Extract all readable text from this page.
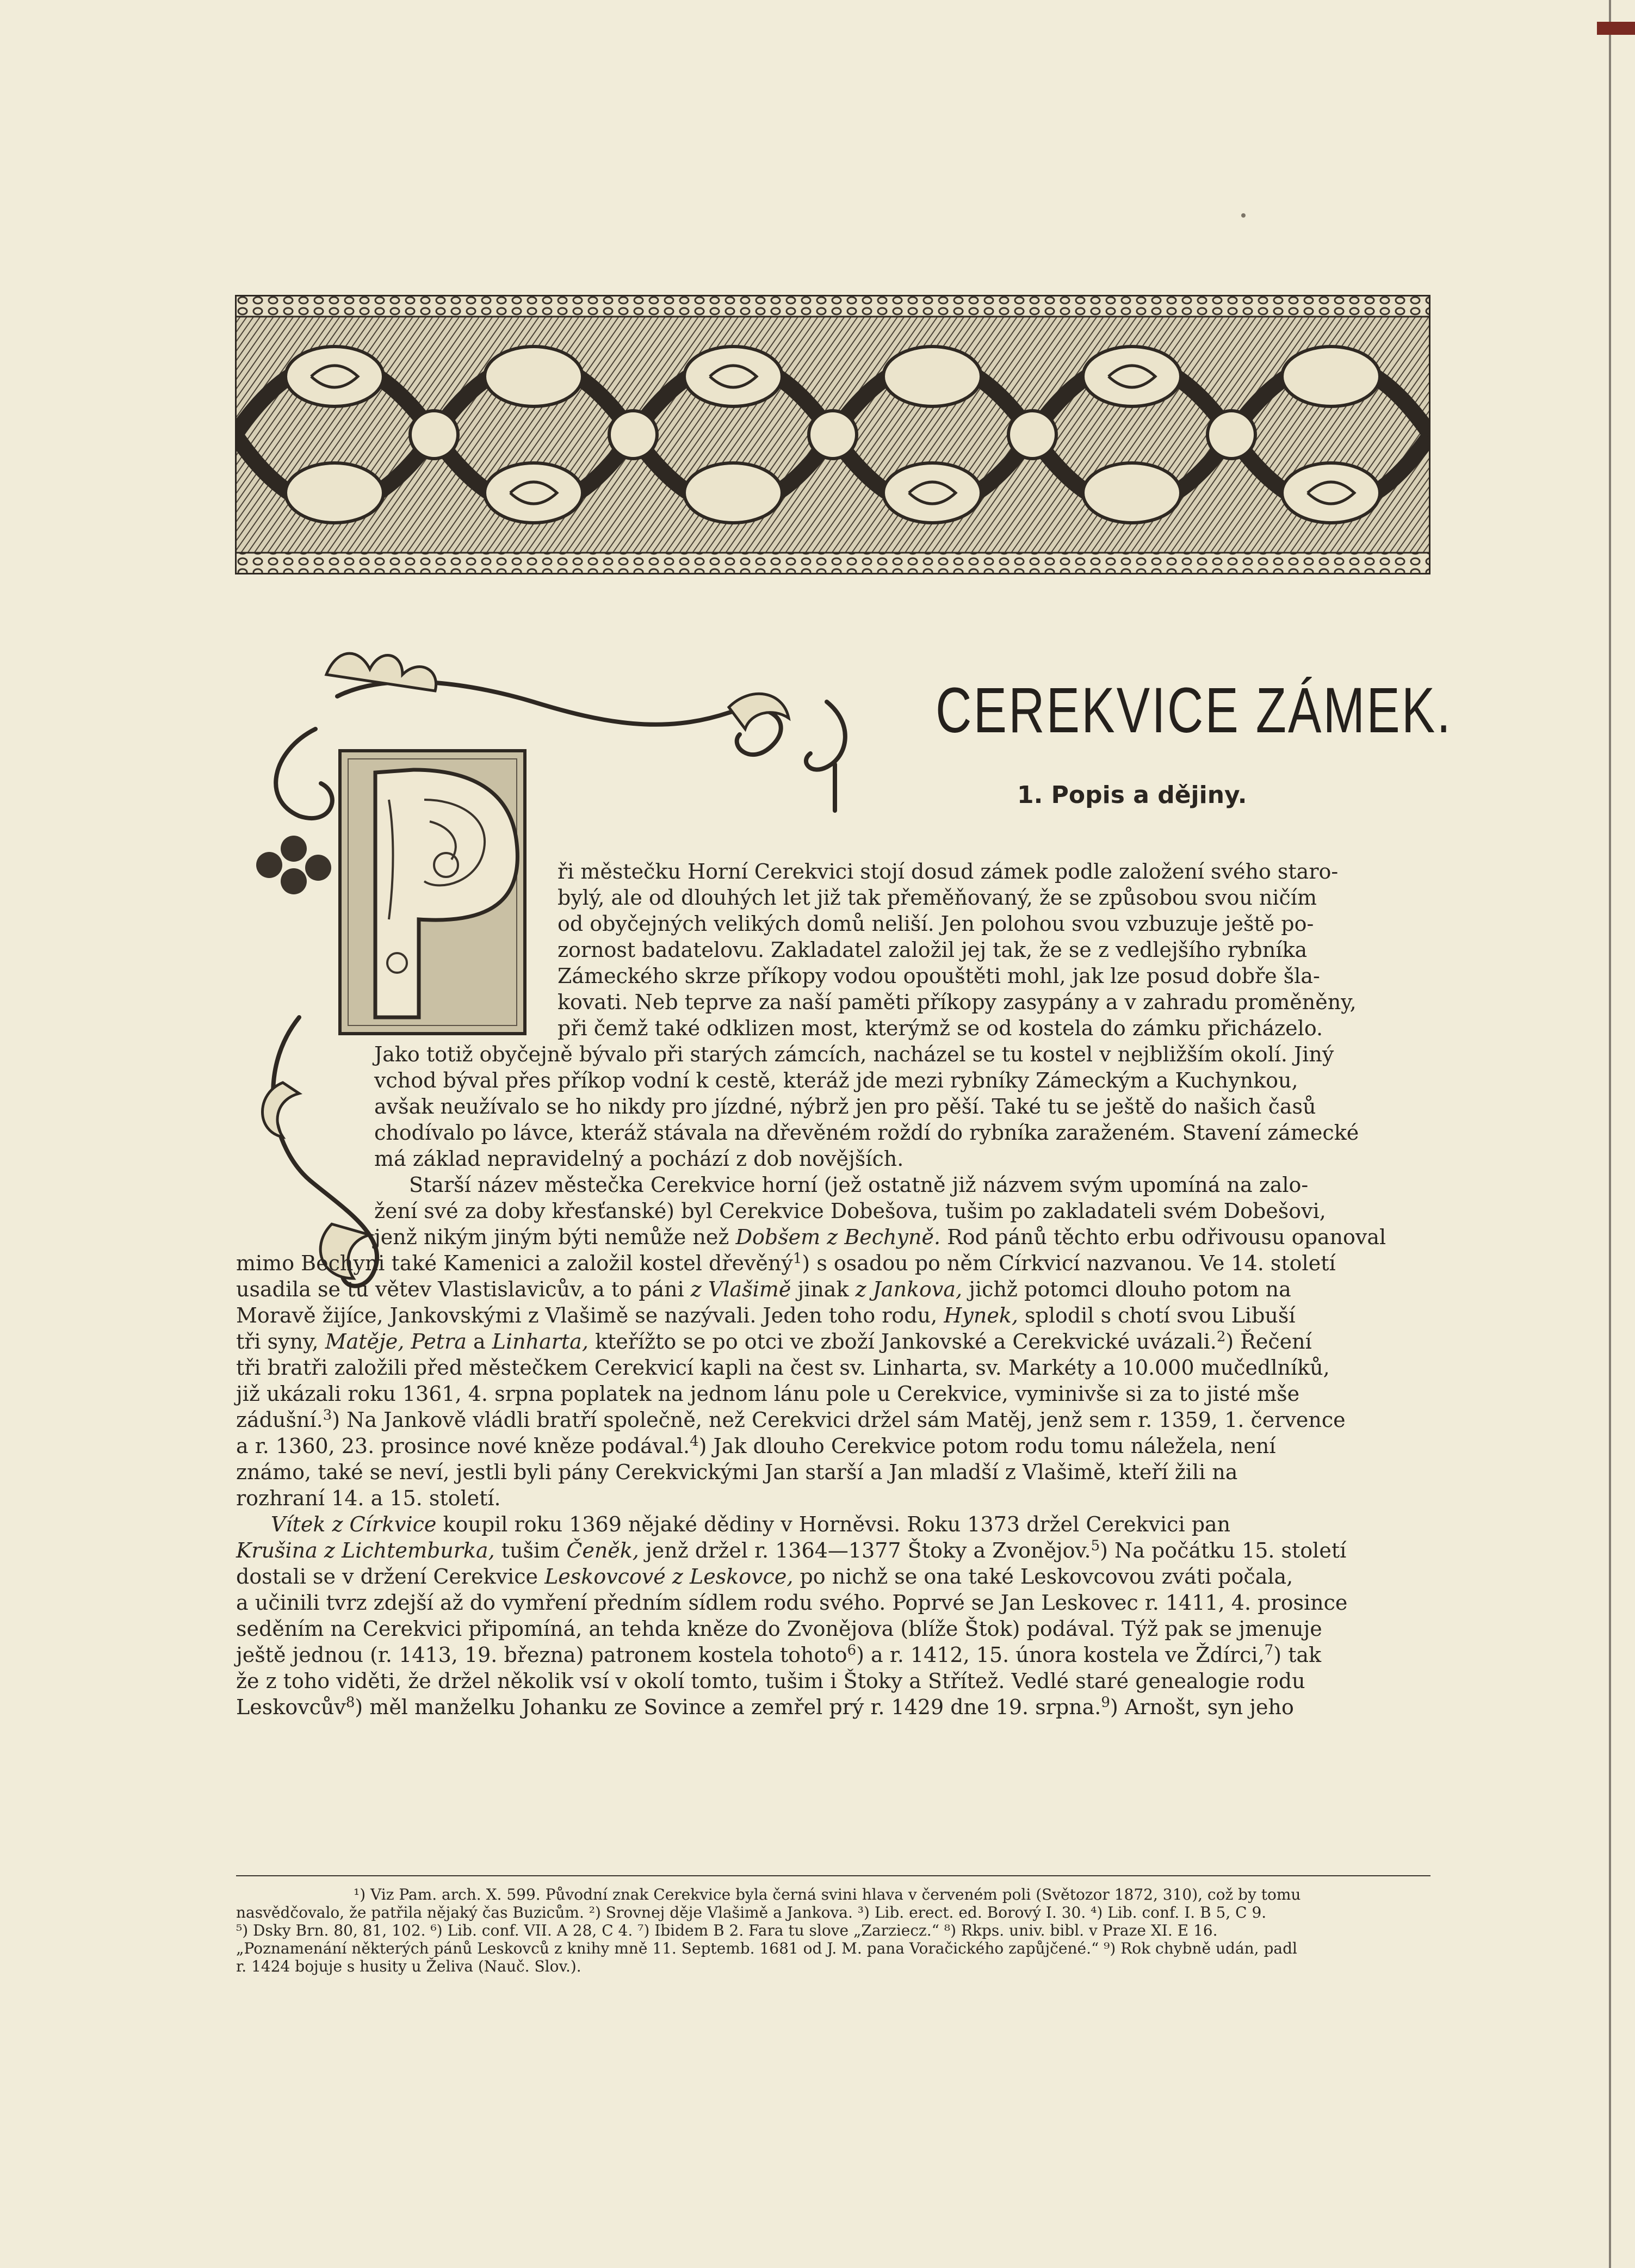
CEREKVICE ZÁMEK.
1. Popis a dějiny.
ři městečku Horní Cerekvici stojí dosud zámek podle založení svého staro-
bylý, ale od dlouhých let již tak přeměňovaný, že se způsobou svou ničím
od obyčejných velikých domů neliší. Jen polohou svou vzbuzuje ještě po-
zornost badatelovu. Zakladatel založil jej tak, že se z vedlejšího rybníka
Zámeckého skrze příkopy vodou opouštěti mohl, jak lze posud dobře šla-
kovati. Neb teprve za naší paměti příkopy zasypány a v zahradu proměněny,
při čemž také odklizen most, kterýmž se od kostela do zámku přicházelo.
Jako totiž obyčejně bývalo při starých zámcích, nacházel se tu kostel v nejbližším okolí. Jiný
vchod býval přes příkop vodní k cestě, kteráž jde mezi rybníky Zámeckým a Kuchynkou,
avšak neužívalo se ho nikdy pro jízdné, nýbrž jen pro pěší. Také tu se ještě do našich časů
chodívalo po lávce, kteráž stávala na dřevěném roždí do rybníka zaraženém. Stavení zámecké
má základ nepravidelný a pochází z dob novějších.
Starší název městečka Cerekvice horní (jež ostatně již názvem svým upomíná na zalo-
žení své za doby křesťanské) byl Cerekvice Dobešova, tušim po zakladateli svém Dobešovi,
jenž nikým jiným býti nemůže než Dobšem z Bechyně. Rod pánů těchto erbu odřivousu opanoval
mimo Bechyni také Kamenici a založil kostel dřevěný$^1$) s osadou po něm Církvicí nazvanou. Ve 14. století
usadila se tu větev Vlastislavicův, a to páni z Vlašimě jinak z Jankova, jichž potomci dlouho potom na
Moravě žijíce, Jankovskými z Vlašimě se nazývali. Jeden toho rodu, Hynek, splodil s chotí svou Libuší
tři syny, Matěje, Petra a Linharta, kteřížto se po otci ve zboží Jankovské a Cerekvické uvázali.$^2$) Řečení
tři bratři založili před městečkem Cerekvicí kapli na čest sv. Linharta, sv. Markéty a 10.000 mučedlníků,
již ukázali roku 1361, 4. srpna poplatek na jednom lánu pole u Cerekvice, vyminivše si za to jisté mše
zádušní.$^3$) Na Jankově vládli bratří společně, než Cerekvici držel sám Matěj, jenž sem r. 1359, 1. července
a r. 1360, 23. prosince nové kněze podával.$^4$) Jak dlouho Cerekvice potom rodu tomu náležela, není
známo, také se neví, jestli byli pány Cerekvickými Jan starší a Jan mladší z Vlašimě, kteří žili na
rozhraní 14. a 15. století.
Vítek z Církvice koupil roku 1369 nějaké dědiny v Horněvsi. Roku 1373 držel Cerekvici pan
Krušina z Lichtemburka, tušim Čeněk, jenž držel r. 1364—1377 Štoky a Zvonějov.$^5$) Na počátku 15. století
dostali se v držení Cerekvice Leskovcové z Leskovce, po nichž se ona také Leskovcovou zváti počala,
a učinili tvrz zdejší až do vymření předním sídlem rodu svého. Poprvé se Jan Leskovec r. 1411, 4. prosince
seděním na Cerekvici připomíná, an tehda kněze do Zvonějova (blíže Štok) podával. Týž pak se jmenuje
ještě jednou (r. 1413, 19. března) patronem kostela tohoto$^6$) a r. 1412, 15. února kostela ve Ždírci,$^7$) tak
že z toho viděti, že držel několik vsí v okolí tomto, tušim i Štoky a Střítež. Vedlé staré genealogie rodu
Leskovcův$^8$) měl manželku Johanku ze Sovince a zemřel prý r. 1429 dne 19. srpna.$^9$) Arnošt, syn jeho
¹) Viz Pam. arch. X. 599. Původní znak Cerekvice byla černá svini hlava v červeném poli (Světozor 1872, 310), což by tomu
nasvědčovalo, že patřila nějaký čas Buzicům. ²) Srovnej děje Vlašimě a Jankova. ³) Lib. erect. ed. Borový I. 30. ⁴) Lib. conf. I. B 5, C 9.
⁵) Dsky Brn. 80, 81, 102. ⁶) Lib. conf. VII. A 28, C 4. ⁷) Ibidem B 2. Fara tu slove „Zarziecz.“ ⁸) Rkps. univ. bibl. v Praze XI. E 16.
„Poznamenání některých pánů Leskovců z knihy mně 11. Septemb. 1681 od J. M. pana Voračického zapůjčené.“ ⁹) Rok chybně udán, padl
r. 1424 bojuje s husity u Želiva (Nauč. Slov.).
